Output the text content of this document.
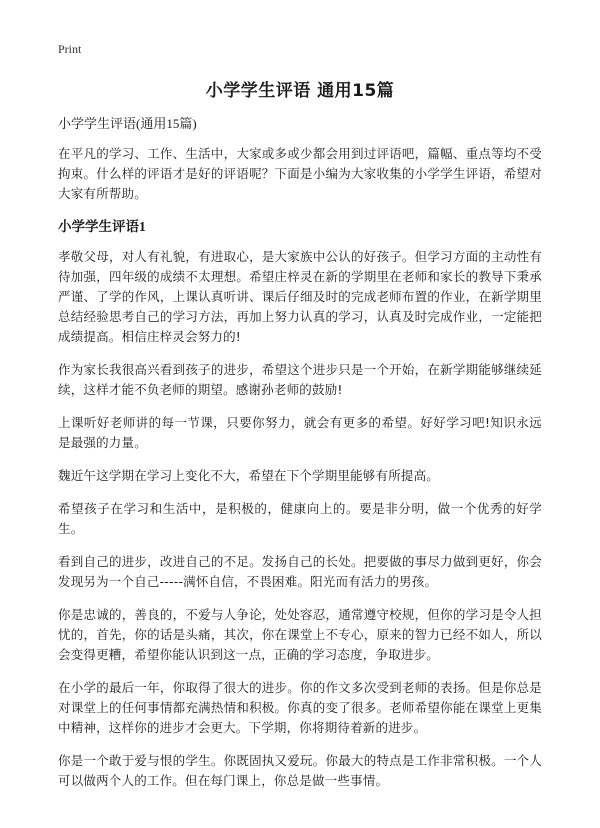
Print
小学学生评语 通用15篇
小学学生评语(通用15篇)

在平凡的学习、工作、生活中，大家或多或少都会用到过评语吧，篇幅、重点等均不受拘束。什么样的评语才是好的评语呢？下面是小编为大家收集的小学学生评语，希望对大家有所帮助。

小学学生评语1

孝敬父母，对人有礼貌，有进取心，是大家族中公认的好孩子。但学习方面的主动性有待加强，四年级的成绩不太理想。希望庄梓灵在新的学期里在老师和家长的教导下秉承严谨、了学的作风，上课认真听讲、课后仔细及时的完成老师布置的作业，在新学期里总结经验思考自己的学习方法，再加上努力认真的学习，认真及时完成作业，一定能把成绩提高。相信庄梓灵会努力的!

作为家长我很高兴看到孩子的进步，希望这个进步只是一个开始，在新学期能够继续延续，这样才能不负老师的期望。感谢孙老师的鼓励!

上课听好老师讲的每一节课，只要你努力，就会有更多的希望。好好学习吧!知识永远是最强的力量。

魏近午这学期在学习上变化不大，希望在下个学期里能够有所提高。

希望孩子在学习和生活中，是积极的，健康向上的。要是非分明，做一个优秀的好学生。

看到自己的进步，改进自己的不足。发扬自己的长处。把要做的事尽力做到更好，你会发现另为一个自己-----满怀自信，不畏困难。阳光而有活力的男孩。

你是忠诚的，善良的，不爱与人争论，处处容忍，通常遵守校规，但你的学习是令人担忧的，首先，你的话是头痛，其次，你在课堂上不专心，原来的智力已经不如人，所以会变得更糟，希望你能认识到这一点，正确的学习态度，争取进步。

在小学的最后一年，你取得了很大的进步。你的作文多次受到老师的表扬。但是你总是对课堂上的任何事情都充满热情和积极。你真的变了很多。老师希望你能在课堂上更集中精神，这样你的进步才会更大。下学期，你将期待着新的进步。

你是一个敢于爱与恨的学生。你既固执又爱玩。你最大的特点是工作非常积极。一个人可以做两个人的工作。但在每门课上，你总是做一些事情。
